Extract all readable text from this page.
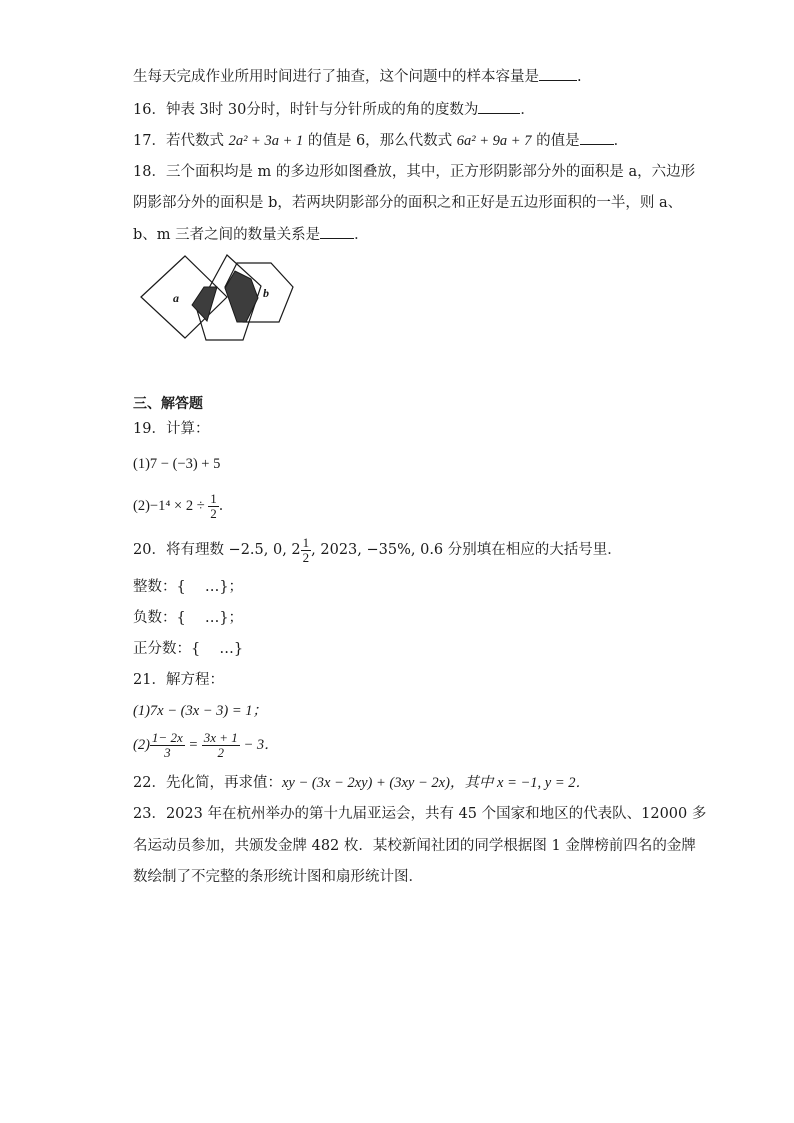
生每天完成作业所用时间进行了抽查，这个问题中的样本容量是	.
16．钟表 3时 30分时，时针与分针所成的角的度数为	．
17．若代数式 2a² + 3a + 1 的值是 6，那么代数式 6a² + 9a + 7 的值是 ．
18．三个面积均是 m 的多边形如图叠放，其中，正方形阴影部分外的面积是 a，六边形
阴影部分外的面积是 b，若两块阴影部分的面积之和正好是五边形面积的一半，则 a、
b、m 三者之间的数量关系是 ．
a	b
三、解答题
19．计算：
(1)7 − (−3) + 5
$(2)-1^4 \times 2 \div \frac{1}{2}$ ．
20．将有理数 −2.5, 0, $2 \frac{1}{2}$ , 2023, −35%, 0.6 分别填在相应的大括号里．
整数：{　 …}；
负数：{　 …}；
正分数：{　 …}
21．解方程：
(1)7x − (3x − 3) = 1；
$(2) \frac{1- 2x}{3} = \frac{3x + 1}{2} - 3$．
22．先化简，再求值：xy − (3x − 2xy) + (3xy − 2x)，其中 x = −1, y = 2．
23．2023 年在杭州举办的第十九届亚运会，共有 45 个国家和地区的代表队、12000 多
名运动员参加，共颁发金牌 482 枚．某校新闻社团的同学根据图 1 金牌榜前四名的金牌
数绘制了不完整的条形统计图和扇形统计图．
